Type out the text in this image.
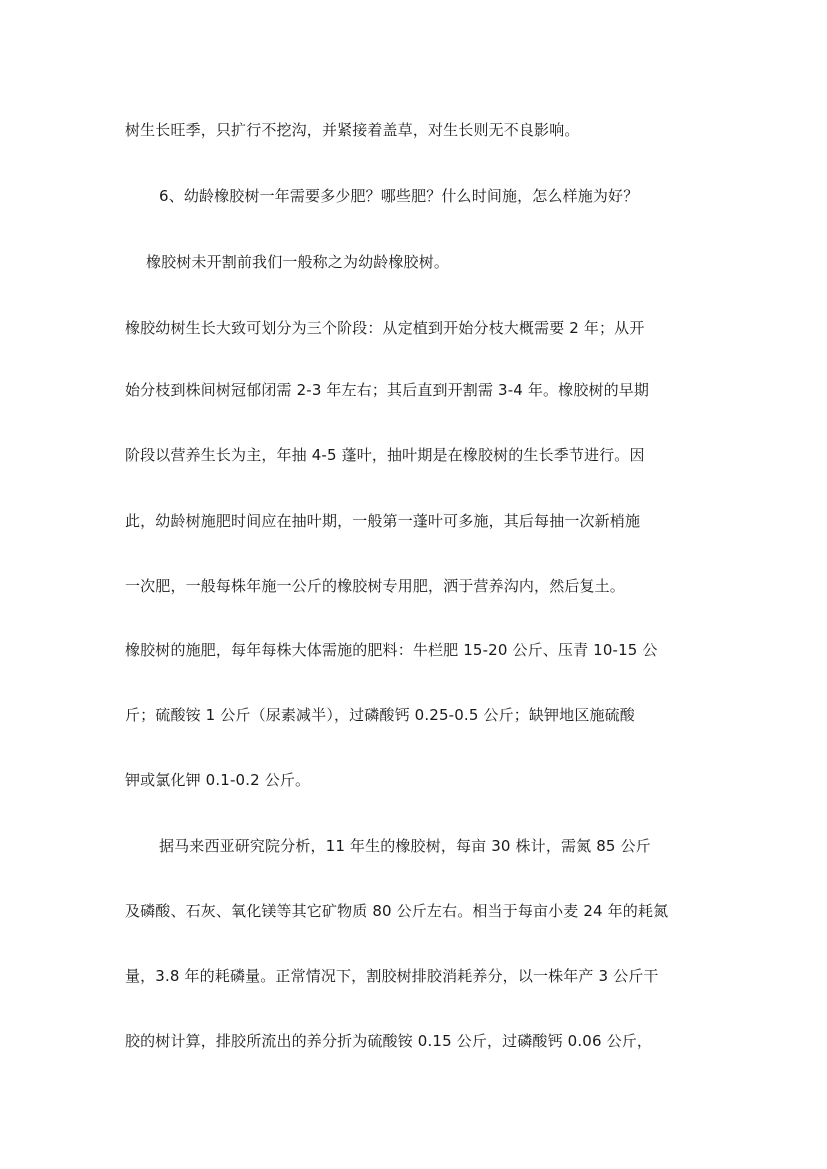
树生长旺季，只扩行不挖沟，并紧接着盖草，对生长则无不良影响。
6、幼龄橡胶树一年需要多少肥？哪些肥？什么时间施，怎么样施为好？
橡胶树未开割前我们一般称之为幼龄橡胶树。
橡胶幼树生长大致可划分为三个阶段：从定植到开始分枝大概需要 2 年；从开
始分枝到株间树冠郁闭需 2-3 年左右；其后直到开割需 3-4 年。橡胶树的早期
阶段以营养生长为主，年抽 4-5 蓬叶，抽叶期是在橡胶树的生长季节进行。因
此，幼龄树施肥时间应在抽叶期，一般第一蓬叶可多施，其后每抽一次新梢施
一次肥，一般每株年施一公斤的橡胶树专用肥，洒于营养沟内，然后复土。
橡胶树的施肥，每年每株大体需施的肥料：牛栏肥 15-20 公斤、压青 10-15 公
斤；硫酸铵 1 公斤（尿素减半），过磷酸钙 0.25-0.5 公斤；缺钾地区施硫酸
钾或氯化钾 0.1-0.2 公斤。
据马来西亚研究院分析，11 年生的橡胶树，每亩 30 株计，需氮 85 公斤
及磷酸、石灰、氧化镁等其它矿物质 80 公斤左右。相当于每亩小麦 24 年的耗氮
量，3.8 年的耗磷量。正常情况下，割胶树排胶消耗养分，以一株年产 3 公斤干
胶的树计算，排胶所流出的养分折为硫酸铵 0.15 公斤，过磷酸钙 0.06 公斤，
